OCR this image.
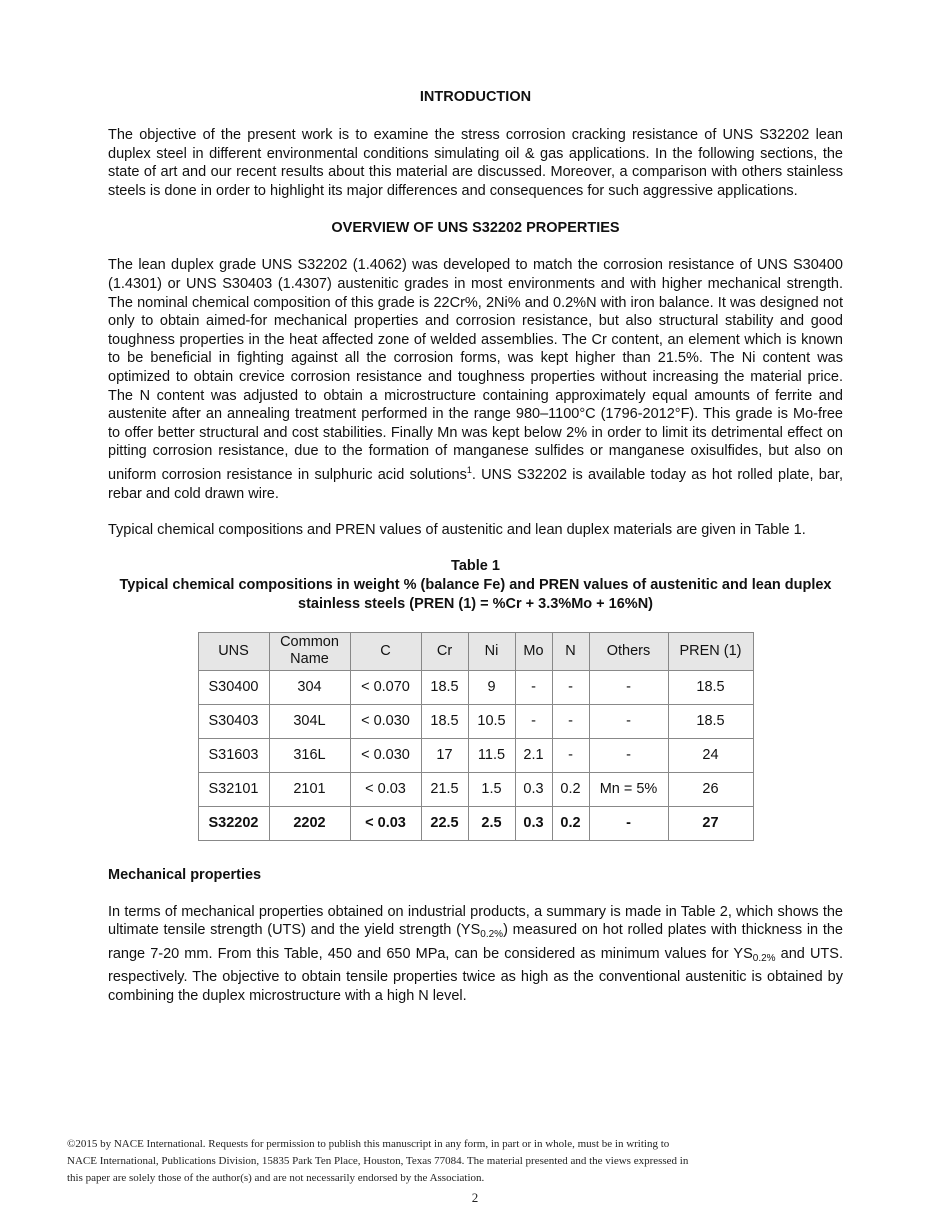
INTRODUCTION

The objective of the present work is to examine the stress corrosion cracking resistance of UNS S32202 lean duplex steel in different environmental conditions simulating oil & gas applications. In the following sections, the state of art and our recent results about this material are discussed. Moreover, a comparison with others stainless steels is done in order to highlight its major differences and consequences for such aggressive applications.

OVERVIEW OF UNS S32202 PROPERTIES

The lean duplex grade UNS S32202 (1.4062) was developed to match the corrosion resistance of UNS S30400 (1.4301) or UNS S30403 (1.4307) austenitic grades in most environments and with higher mechanical strength. The nominal chemical composition of this grade is 22Cr%, 2Ni% and 0.2%N with iron balance. It was designed not only to obtain aimed-for mechanical properties and corrosion resistance, but also structural stability and good toughness properties in the heat affected zone of welded assemblies. The Cr content, an element which is known to be beneficial in fighting against all the corrosion forms, was kept higher than 21.5%. The Ni content was optimized to obtain crevice corrosion resistance and toughness properties without increasing the material price. The N content was adjusted to obtain a microstructure containing approximately equal amounts of ferrite and austenite after an annealing treatment performed in the range 980–1100°C (1796-2012°F). This grade is Mo-free to offer better structural and cost stabilities. Finally Mn was kept below 2% in order to limit its detrimental effect on pitting corrosion resistance, due to the formation of manganese sulfides or manganese oxisulfides, but also on uniform corrosion resistance in sulphuric acid solutions$^1$. UNS S32202 is available today as hot rolled plate, bar, rebar and cold drawn wire.

Typical chemical compositions and PREN values of austenitic and lean duplex materials are given in Table 1.

Table 1

Typical chemical compositions in weight % (balance Fe) and PREN values of austenitic and lean duplex stainless steels (PREN (1) = %Cr + 3.3%Mo + 16%N)

UNS	Common Name	C	Cr	Ni	Mo	N	Others	PREN (1)
S30400	304	< 0.070	18.5	9	-	-	-	18.5
S30403	304L	< 0.030	18.5	10.5	-	-	-	18.5
S31603	316L	< 0.030	17	11.5	2.1	-	-	24
S32101	2101	< 0.03	21.5	1.5	0.3	0.2	Mn = 5%	26
S32202	2202	< 0.03	22.5	2.5	0.3	0.2	-	27

Mechanical properties

In terms of mechanical properties obtained on industrial products, a summary is made in Table 2, which shows the ultimate tensile strength (UTS) and the yield strength $(YS_{0.2\%})$ measured on hot rolled plates with thickness in the range 7-20 mm. From this Table, 450 and 650 MPa, can be considered as minimum values for $YS_{0.2\%}$ and UTS. respectively. The objective to obtain tensile properties twice as high as the conventional austenitic is obtained by combining the duplex microstructure with a high N level.

©2015 by NACE International. Requests for permission to publish this manuscript in any form, in part or in whole, must be in writing to
NACE International, Publications Division, 15835 Park Ten Place, Houston, Texas 77084. The material presented and the views expressed in
this paper are solely those of the author(s) and are not necessarily endorsed by the Association.
2
